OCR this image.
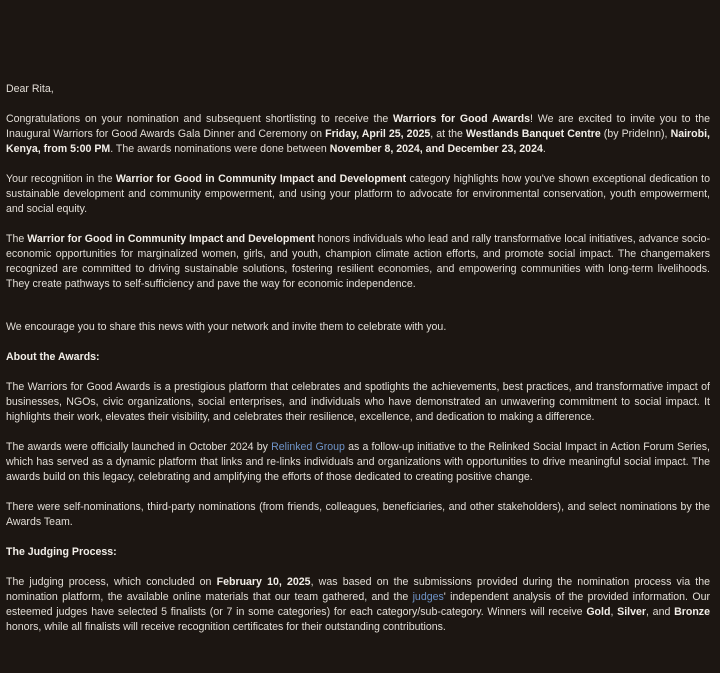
Dear Rita,

Congratulations on your nomination and subsequent shortlisting to receive the Warriors for Good Awards! We are excited to invite you to the Inaugural Warriors for Good Awards Gala Dinner and Ceremony on Friday, April 25, 2025, at the Westlands Banquet Centre (by PrideInn), Nairobi, Kenya, from 5:00 PM. The awards nominations were done between November 8, 2024, and December 23, 2024.

Your recognition in the Warrior for Good in Community Impact and Development category highlights how you've shown exceptional dedication to sustainable development and community empowerment, and using your platform to advocate for environmental conservation, youth empowerment, and social equity.

The Warrior for Good in Community Impact and Development honors individuals who lead and rally transformative local initiatives, advance socio-economic opportunities for marginalized women, girls, and youth, champion climate action efforts, and promote social impact. The changemakers recognized are committed to driving sustainable solutions, fostering resilient economies, and empowering communities with long-term livelihoods. They create pathways to self-sufficiency and pave the way for economic independence.

We encourage you to share this news with your network and invite them to celebrate with you.

About the Awards:

The Warriors for Good Awards is a prestigious platform that celebrates and spotlights the achievements, best practices, and transformative impact of businesses, NGOs, civic organizations, social enterprises, and individuals who have demonstrated an unwavering commitment to social impact. It highlights their work, elevates their visibility, and celebrates their resilience, excellence, and dedication to making a difference.

The awards were officially launched in October 2024 by Relinked Group as a follow-up initiative to the Relinked Social Impact in Action Forum Series, which has served as a dynamic platform that links and re-links individuals and organizations with opportunities to drive meaningful social impact. The awards build on this legacy, celebrating and amplifying the efforts of those dedicated to creating positive change.

There were self-nominations, third-party nominations (from friends, colleagues, beneficiaries, and other stakeholders), and select nominations by the Awards Team.

The Judging Process:

The judging process, which concluded on February 10, 2025, was based on the submissions provided during the nomination process via the nomination platform, the available online materials that our team gathered, and the judges' independent analysis of the provided information. Our esteemed judges have selected 5 finalists (or 7 in some categories) for each category/sub-category. Winners will receive Gold, Silver, and Bronze honors, while all finalists will receive recognition certificates for their outstanding contributions.
